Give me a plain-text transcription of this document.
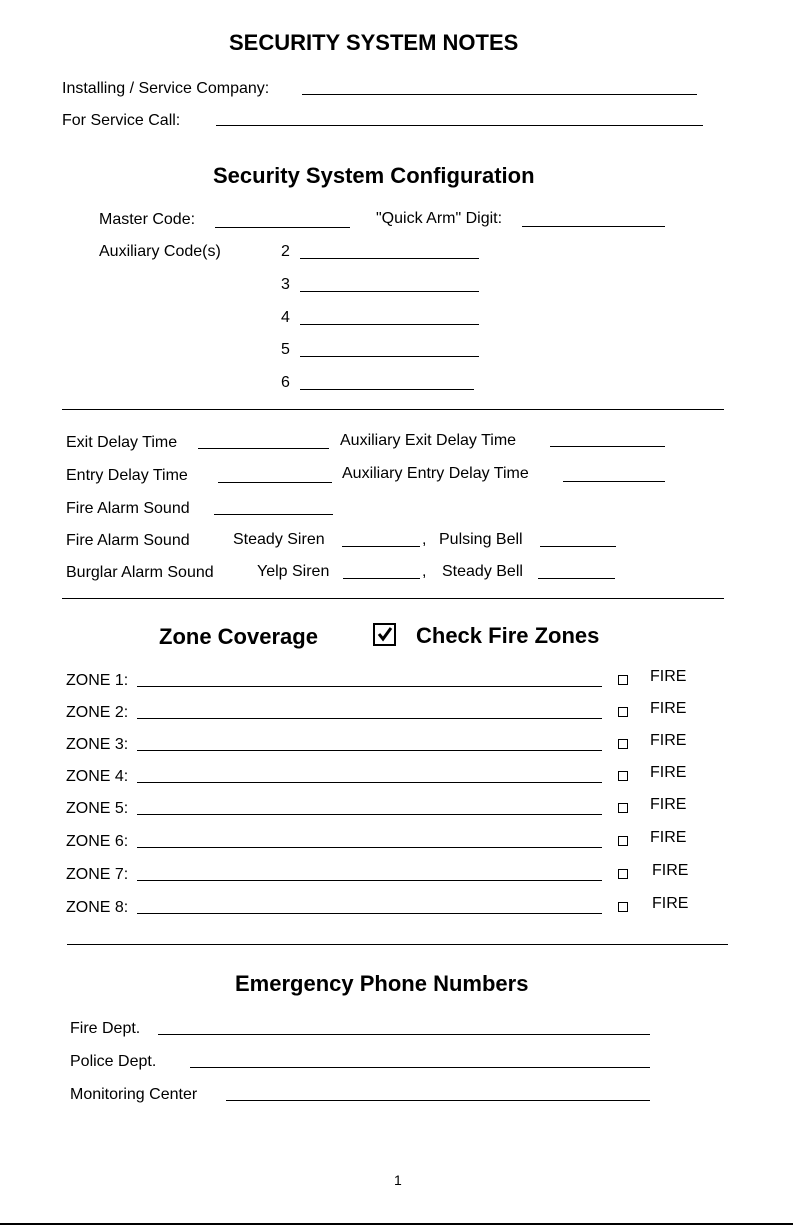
SECURITY SYSTEM NOTES
Installing / Service Company:
For Service Call:
Security System Configuration
Master Code:	"Quick Arm" Digit:
Auxiliary Code(s)	2
3
4
5
6
Exit Delay Time	Auxiliary Exit Delay Time
Entry Delay Time	Auxiliary Entry Delay Time
Fire Alarm Sound
Fire Alarm Sound	Steady Siren	, Pulsing Bell
Burglar Alarm Sound	Yelp Siren	, Steady Bell
Zone Coverage	Check Fire Zones
ZONE 1:	FIRE
ZONE 2:	FIRE
ZONE 3:	FIRE
ZONE 4:	FIRE
ZONE 5:	FIRE
ZONE 6:	FIRE
ZONE 7:	FIRE
ZONE 8:	FIRE
Emergency Phone Numbers
Fire Dept.
Police Dept.
Monitoring Center
1
